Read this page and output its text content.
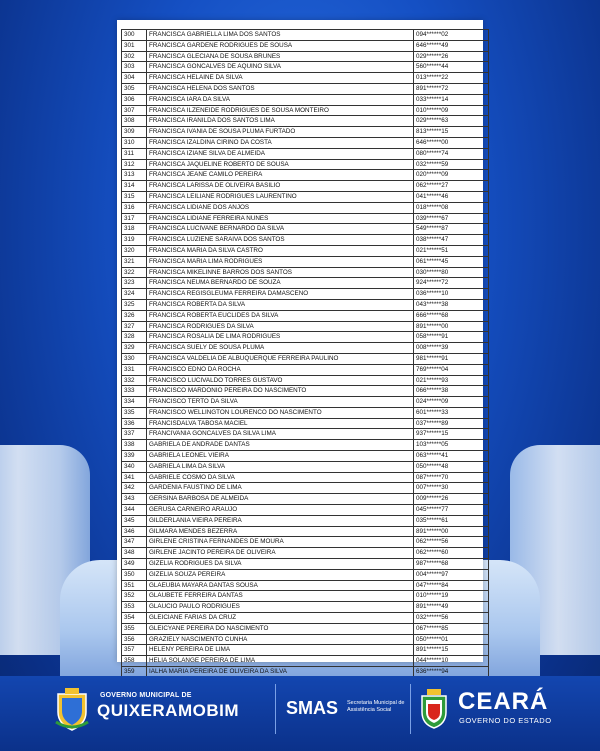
300	FRANCISCA GABRIELLA LIMA DOS SANTOS	094******02
301	FRANCISCA GARDENE RODRIGUES DE SOUSA	646******49
302	FRANCISCA GLECIANA DE SOUSA BRUNES	029******26
303	FRANCISCA GONCALVES DE AQUINO SILVA	560******44
304	FRANCISCA HELAINE DA SILVA	013******22
305	FRANCISCA HELENA DOS SANTOS	891******72
306	FRANCISCA IARA DA SILVA	033******14
307	FRANCISCA ILZENEIDE RODRIGUES DE SOUSA MONTEIRO	010******09
308	FRANCISCA IRANILDA DOS SANTOS LIMA	029******63
309	FRANCISCA IVANIA DE SOUSA PLUMA FURTADO	813******15
310	FRANCISCA IZALDINA CIRINO DA COSTA	646******00
311	FRANCISCA IZIANE SILVA DE ALMEIDA	080******74
312	FRANCISCA JAQUELINE ROBERTO DE SOUSA	032******59
313	FRANCISCA JEANE CAMILO PEREIRA	020******09
314	FRANCISCA LARISSA DE OLIVEIRA BASILIO	062******27
315	FRANCISCA LEILIANE RODRIGUES LAURENTINO	041******46
316	FRANCISCA LIDIANE DOS ANJOS	018******08
317	FRANCISCA LIDIANE FERREIRA NUNES	039******67
318	FRANCISCA LUCIVANE BERNARDO DA SILVA	549******87
319	FRANCISCA LUZIENE SARAIVA DOS SANTOS	038******47
320	FRANCISCA MARIA DA SILVA CASTRO	021******51
321	FRANCISCA MARIA LIMA RODRIGUES	061******45
322	FRANCISCA MIKELINNE BARROS DOS SANTOS	030******80
323	FRANCISCA NEUMA BERNARDO DE SOUZA	924******72
324	FRANCISCA REGISGLEUMA FERREIRA DAMASCENO	036******10
325	FRANCISCA ROBERTA DA SILVA	043******38
326	FRANCISCA ROBERTA EUCLIDES DA SILVA	666******68
327	FRANCISCA RODRIGUES DA SILVA	891******00
328	FRANCISCA ROSALIA DE LIMA RODRIGUES	058******91
329	FRANCISCA SUELY DE SOUSA PLUMA	008******39
330	FRANCISCA VALDELIA DE ALBUQUERQUE FERREIRA PAULINO	981******91
331	FRANCISCO EDNO DA ROCHA	769******04
332	FRANCISCO LUCIVALDO TORRES GUSTAVO	021******93
333	FRANCISCO MARDONIO PEREIRA DO NASCIMENTO	066******38
334	FRANCISCO TERTO DA SILVA	024******09
335	FRANCISCO WELLINGTON LOURENCO DO NASCIMENTO	601******33
336	FRANCISDALVA TABOSA MACIEL	037******89
337	FRANCIVANIA GONCALVES DA SILVA LIMA	937******15
338	GABRIELA DE ANDRADE DANTAS	103******05
339	GABRIELA LEONEL VIEIRA	063******41
340	GABRIELA LIMA DA SILVA	050******48
341	GABRIELE COSMO DA SILVA	087******70
342	GARDENIA FAUSTINO DE LIMA	007******30
343	GERSINA BARBOSA DE ALMEIDA	009******26
344	GERUSA CARNEIRO ARAUJO	045******77
345	GILDERLANIA VIEIRA PEREIRA	035******61
346	GILMARA MENDES BEZERRA	891******00
347	GIRLENE CRISTINA FERNANDES DE MOURA	062******56
348	GIRLENE JACINTO PEREIRA DE OLIVEIRA	062******60
349	GIZELIA RODRIGUES DA SILVA	987******68
350	GIZELIA SOUZA PEREIRA	004******97
351	GLAEUBIA MAYARA DANTAS SOUSA	047******84
352	GLAUBETE FERREIRA DANTAS	010******19
353	GLAUCIO PAULO RODRIGUES	891******49
354	GLEICIANE FARIAS DA CRUZ	032******56
355	GLEICYANE PEREIRA DO NASCIMENTO	067******85
356	GRAZIELY NASCIMENTO CUNHA	050******01
357	HELENY PEREIRA DE LIMA	891******15
358	HELIA SOLANGE PEREIRA DE LIMA	044******10
359	IALHA MARIA PEREIRA DE OLIVEIRA DA SILVA	636******94

GOVERNO MUNICIPAL DE
QUIXERAMOBIM	SMAS Secretaria Municipal de Assistência Social	CEARÁ
GOVERNO DO ESTADO
